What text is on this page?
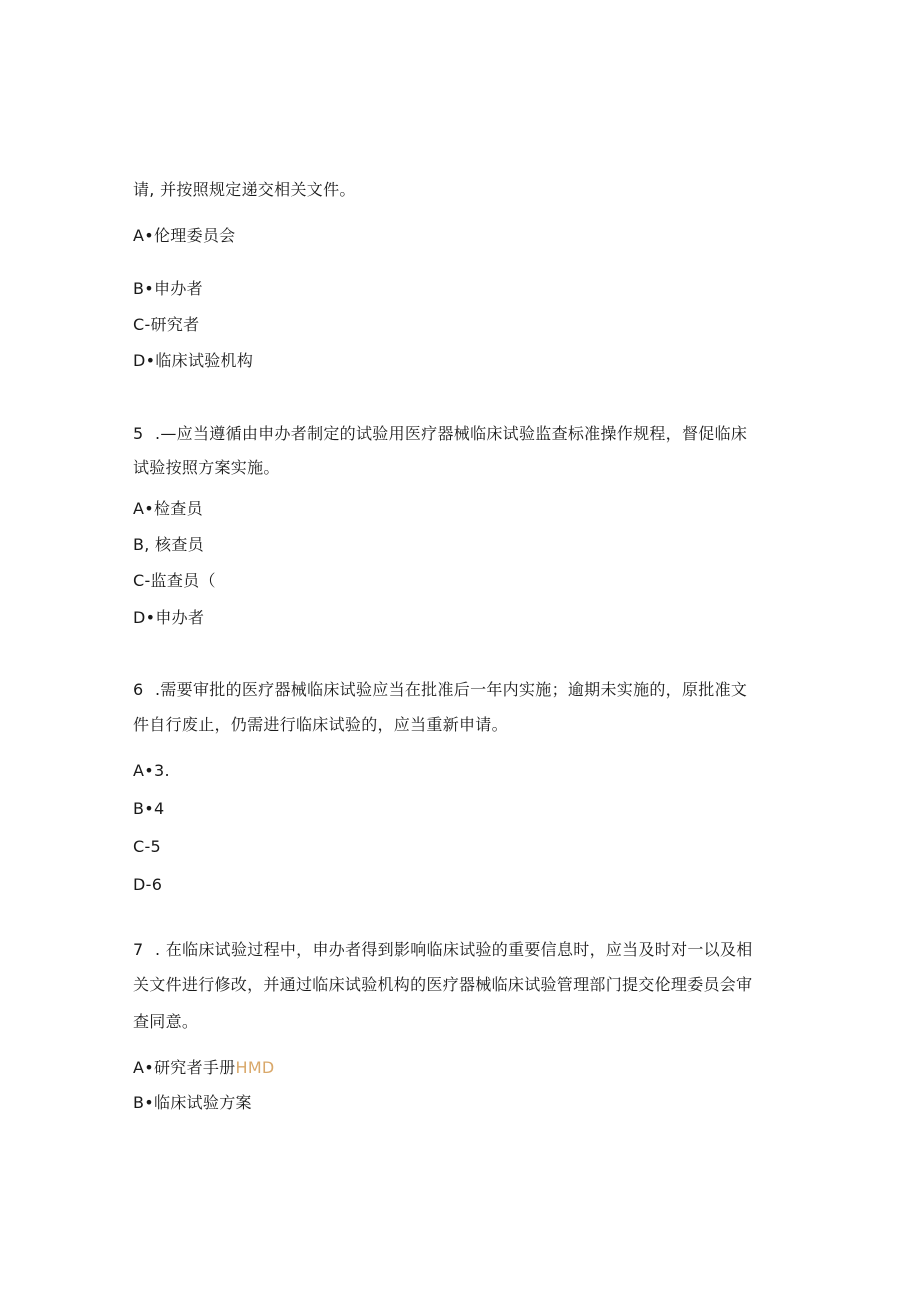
请, 并按照规定递交相关文件。
A•伦理委员会
B•申办者
C-研究者
D•临床试验机构
5 .—应当遵循由申办者制定的试验用医疗器械临床试验监查标准操作规程，督促临床
试验按照方案实施。
A•检查员
B, 核查员
C-监查员（
D•申办者
6 .需要审批的医疗器械临床试验应当在批准后一年内实施；逾期未实施的，原批准文
件自行废止，仍需进行临床试验的，应当重新申请。
A•3.
B•4
C-5
D-6
7 . 在临床试验过程中，申办者得到影响临床试验的重要信息时，应当及时对一以及相
关文件进行修改，并通过临床试验机构的医疗器械临床试验管理部门提交伦理委员会审
查同意。
A•研究者手册HMD
B•临床试验方案
